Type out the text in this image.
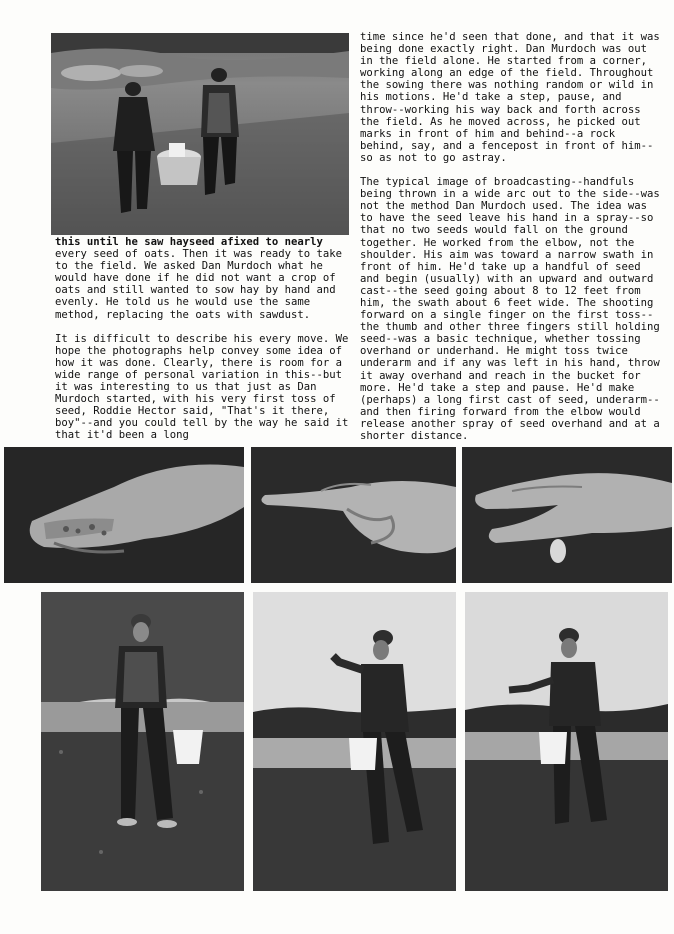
this until he saw hayseed afixed to nearly every seed of oats. Then it was ready to take to the field. We asked Dan Murdoch what he would have done if he did not want a crop of oats and still wanted to sow hay by hand and evenly. He told us he would use the same method, replacing the oats with sawdust.

It is difficult to describe his every move. We hope the photographs help convey some idea of how it was done. Clearly, there is room for a wide range of personal variation in this--but it was interesting to us that just as Dan Murdoch started, with his very first toss of seed, Roddie Hector said, "That's it there, boy"--and you could tell by the way he said it that it'd been a long

time since he'd seen that done, and that it was being done exactly right. Dan Murdoch was out in the field alone. He started from a corner, working along an edge of the field. Throughout the sowing there was nothing random or wild in his motions. He'd take a step, pause, and throw--working his way back and forth across the field. As he moved across, he picked out marks in front of him and behind--a rock behind, say, and a fencepost in front of him--so as not to go astray.

The typical image of broadcasting--handfuls being thrown in a wide arc out to the side--was not the method Dan Murdoch used. The idea was to have the seed leave his hand in a spray--so that no two seeds would fall on the ground together. He worked from the elbow, not the shoulder. His aim was toward a narrow swath in front of him. He'd take up a handful of seed and begin (usually) with an upward and outward cast--the seed going about 8 to 12 feet from him, the swath about 6 feet wide. The shooting forward on a single finger on the first toss--the thumb and other three fingers still holding seed--was a basic technique, whether tossing overhand or underhand. He might toss twice underarm and if any was left in his hand, throw it away overhand and reach in the bucket for more. He'd take a step and pause. He'd make (perhaps) a long first cast of seed, underarm--and then firing forward from the elbow would release another spray of seed overhand and at a shorter distance.
